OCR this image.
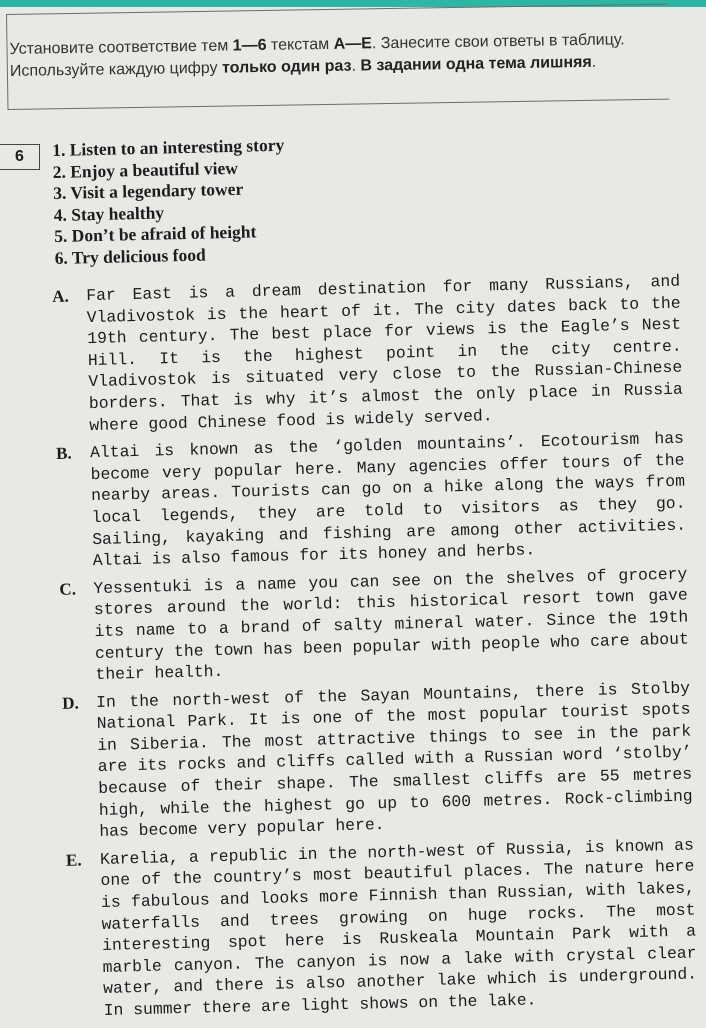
Установите соответствие тем 1—6 текстам A—E. Занесите свои ответы в таблицу. Используйте каждую цифру только один раз. В задании одна тема лишняя.
6	1. Listen to an interesting story
2. Enjoy a beautiful view
3. Visit a legendary tower
4. Stay healthy
5. Don’t be afraid of height
6. Try delicious food
A. Far East is a dream destination for many Russians, and Vladivostok is the heart of it. The city dates back to the 19th century. The best place for views is the Eagle’s Nest Hill. It is the highest point in the city centre. Vladivostok is situated very close to the Russian-Chinese borders. That is why it’s almost the only place in Russia where good Chinese food is widely served.
B. Altai is known as the ‘golden mountains’. Ecotourism has become very popular here. Many agencies offer tours of the nearby areas. Tourists can go on a hike along the ways from local legends, they are told to visitors as they go. Sailing, kayaking and fishing are among other activities. Altai is also famous for its honey and herbs.
C. Yessentuki is a name you can see on the shelves of grocery stores around the world: this historical resort town gave its name to a brand of salty mineral water. Since the 19th century the town has been popular with people who care about their health.
D. In the north-west of the Sayan Mountains, there is Stolby National Park. It is one of the most popular tourist spots in Siberia. The most attractive things to see in the park are its rocks and cliffs called with a Russian word ‘stolby’ because of their shape. The smallest cliffs are 55 metres high, while the highest go up to 600 metres. Rock-climbing has become very popular here.
E. Karelia, a republic in the north-west of Russia, is known as one of the country’s most beautiful places. The nature here is fabulous and looks more Finnish than Russian, with lakes, waterfalls and trees growing on huge rocks. The most interesting spot here is Ruskeala Mountain Park with a marble canyon. The canyon is now a lake with crystal clear water, and there is also another lake which is underground. In summer there are light shows on the lake.
